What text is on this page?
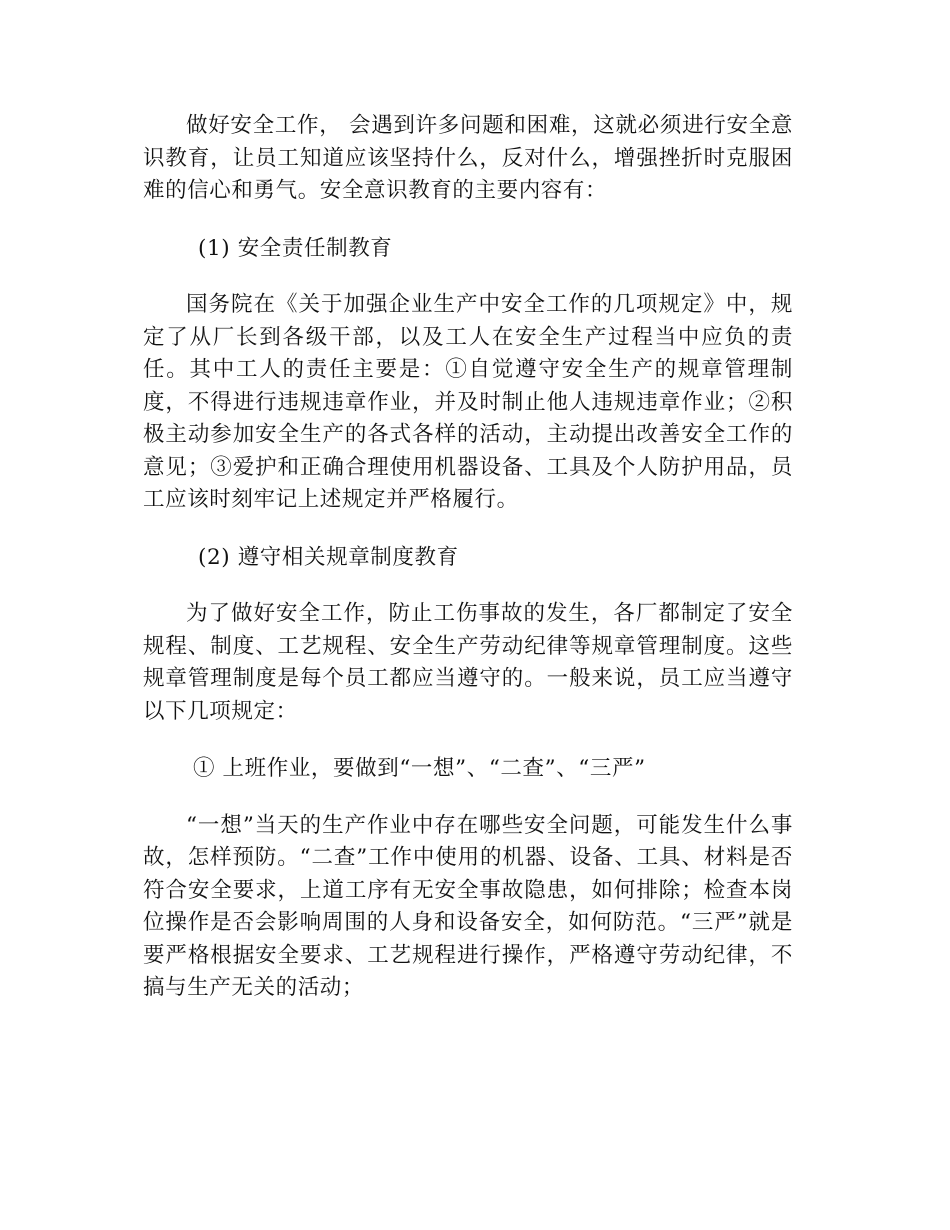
做好安全工作， 会遇到许多问题和困难，这就必须进行安全意识教育，让员工知道应该坚持什么，反对什么，增强挫折时克服困难的信心和勇气。安全意识教育的主要内容有：

(1) 安全责任制教育

国务院在《关于加强企业生产中安全工作的几项规定》中，规定了从厂长到各级干部，以及工人在安全生产过程当中应负的责任。其中工人的责任主要是：①自觉遵守安全生产的规章管理制度，不得进行违规违章作业，并及时制止他人违规违章作业；②积极主动参加安全生产的各式各样的活动，主动提出改善安全工作的意见；③爱护和正确合理使用机器设备、工具及个人防护用品，员工应该时刻牢记上述规定并严格履行。

(2) 遵守相关规章制度教育

为了做好安全工作，防止工伤事故的发生，各厂都制定了安全规程、制度、工艺规程、安全生产劳动纪律等规章管理制度。这些规章管理制度是每个员工都应当遵守的。一般来说，员工应当遵守以下几项规定：

① 上班作业，要做到“一想”、“二查”、“三严”

“一想”当天的生产作业中存在哪些安全问题，可能发生什么事故，怎样预防。“二查”工作中使用的机器、设备、工具、材料是否符合安全要求，上道工序有无安全事故隐患，如何排除；检查本岗位操作是否会影响周围的人身和设备安全，如何防范。“三严”就是要严格根据安全要求、工艺规程进行操作，严格遵守劳动纪律，不搞与生产无关的活动；
